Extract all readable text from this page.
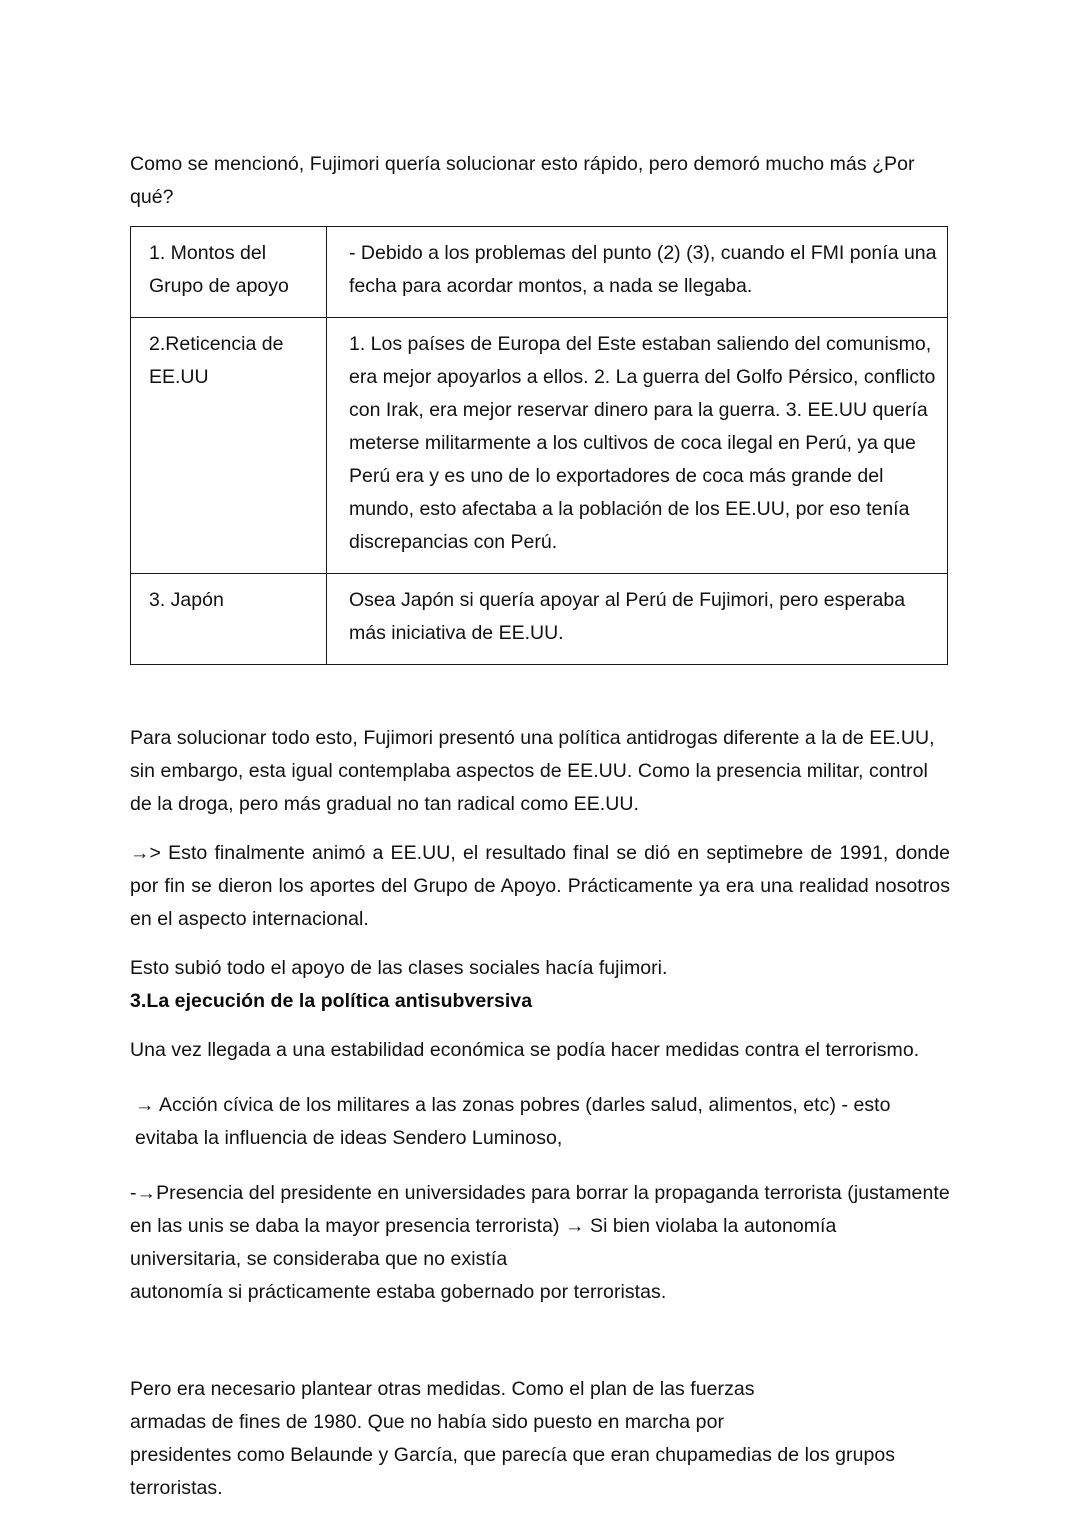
Como se mencionó, Fujimori quería solucionar esto rápido, pero demoró mucho más ¿Por qué?

1. Montos del Grupo de apoyo	- Debido a los problemas del punto (2) (3), cuando el FMI ponía una fecha para acordar montos, a nada se llegaba.
2.Reticencia de EE.UU	1. Los países de Europa del Este estaban saliendo del comunismo, era mejor apoyarlos a ellos. 2. La guerra del Golfo Pérsico, conflicto con Irak, era mejor reservar dinero para la guerra. 3. EE.UU quería meterse militarmente a los cultivos de coca ilegal en Perú, ya que Perú era y es uno de lo exportadores de coca más grande del mundo, esto afectaba a la población de los EE.UU, por eso tenía discrepancias con Perú.
3. Japón	Osea Japón si quería apoyar al Perú de Fujimori, pero esperaba más iniciativa de EE.UU.

Para solucionar todo esto, Fujimori presentó una política antidrogas diferente a la de EE.UU, sin embargo, esta igual contemplaba aspectos de EE.UU. Como la presencia militar, control de la droga, pero más gradual no tan radical como EE.UU.

→> Esto finalmente animó a EE.UU, el resultado final se dió en septimebre de 1991, donde por fin se dieron los aportes del Grupo de Apoyo. Prácticamente ya era una realidad nosotros en el aspecto internacional.

Esto subió todo el apoyo de las clases sociales hacía fujimori.

3.La ejecución de la política antisubversiva

Una vez llegada a una estabilidad económica se podía hacer medidas contra el terrorismo.

→ Acción cívica de los militares a las zonas pobres (darles salud, alimentos, etc) - esto evitaba la influencia de ideas Sendero Luminoso,

-→Presencia del presidente en universidades para borrar la propaganda terrorista (justamente en las unis se daba la mayor presencia terrorista) → Si bien violaba la autonomía universitaria, se consideraba que no existía

autonomía si prácticamente estaba gobernado por terroristas.

Pero era necesario plantear otras medidas. Como el plan de las fuerzas

armadas de fines de 1980. Que no había sido puesto en marcha por

presidentes como Belaunde y García, que parecía que eran chupamedias de los grupos

terroristas.
